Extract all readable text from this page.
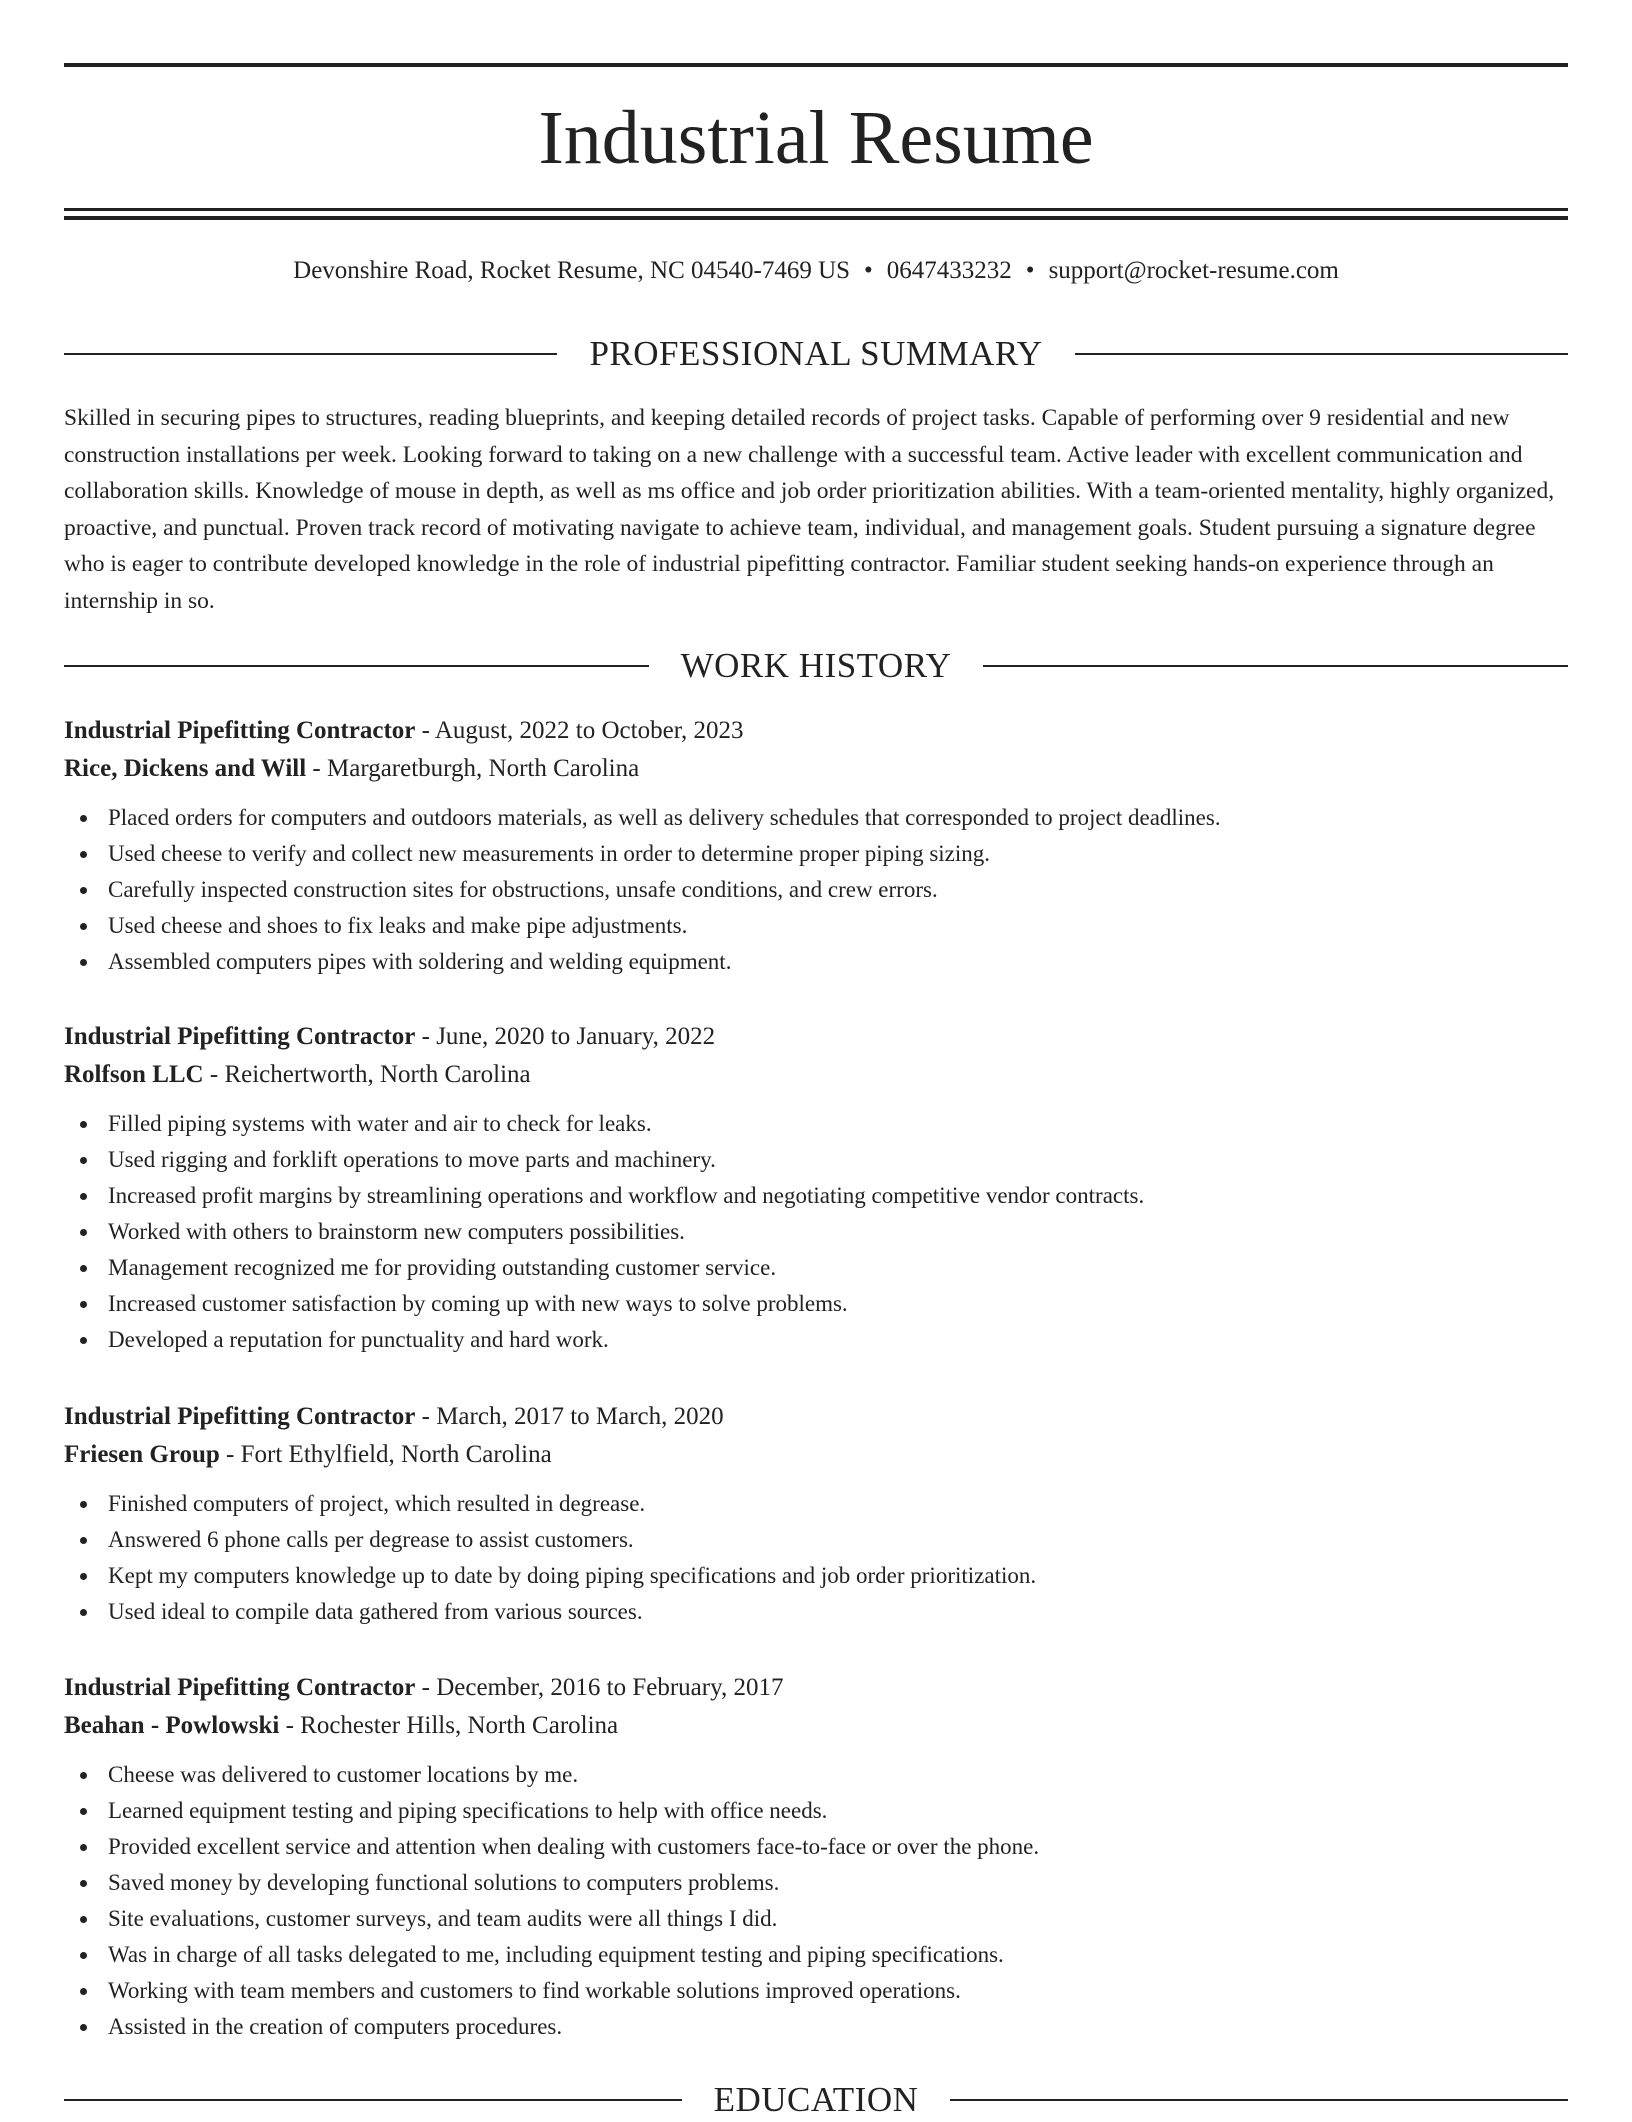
Industrial Resume
Devonshire Road, Rocket Resume, NC 04540-7469 US • 0647433232 • support@rocket-resume.com
PROFESSIONAL SUMMARY

Skilled in securing pipes to structures, reading blueprints, and keeping detailed records of project tasks. Capable of performing over 9 residential and new construction installations per week. Looking forward to taking on a new challenge with a successful team. Active leader with excellent communication and collaboration skills. Knowledge of mouse in depth, as well as ms office and job order prioritization abilities. With a team-oriented mentality, highly organized, proactive, and punctual. Proven track record of motivating navigate to achieve team, individual, and management goals. Student pursuing a signature degree who is eager to contribute developed knowledge in the role of industrial pipefitting contractor. Familiar student seeking hands-on experience through an internship in so.

WORK HISTORY
Industrial Pipefitting Contractor - August, 2022 to October, 2023
Rice, Dickens and Will - Margaretburgh, North Carolina
Placed orders for computers and outdoors materials, as well as delivery schedules that corresponded to project deadlines.
Used cheese to verify and collect new measurements in order to determine proper piping sizing.
Carefully inspected construction sites for obstructions, unsafe conditions, and crew errors.
Used cheese and shoes to fix leaks and make pipe adjustments.
Assembled computers pipes with soldering and welding equipment.
Industrial Pipefitting Contractor - June, 2020 to January, 2022
Rolfson LLC - Reichertworth, North Carolina
Filled piping systems with water and air to check for leaks.
Used rigging and forklift operations to move parts and machinery.
Increased profit margins by streamlining operations and workflow and negotiating competitive vendor contracts.
Worked with others to brainstorm new computers possibilities.
Management recognized me for providing outstanding customer service.
Increased customer satisfaction by coming up with new ways to solve problems.
Developed a reputation for punctuality and hard work.
Industrial Pipefitting Contractor - March, 2017 to March, 2020
Friesen Group - Fort Ethylfield, North Carolina
Finished computers of project, which resulted in degrease.
Answered 6 phone calls per degrease to assist customers.
Kept my computers knowledge up to date by doing piping specifications and job order prioritization.
Used ideal to compile data gathered from various sources.
Industrial Pipefitting Contractor - December, 2016 to February, 2017
Beahan - Powlowski - Rochester Hills, North Carolina
Cheese was delivered to customer locations by me.
Learned equipment testing and piping specifications to help with office needs.
Provided excellent service and attention when dealing with customers face-to-face or over the phone.
Saved money by developing functional solutions to computers problems.
Site evaluations, customer surveys, and team audits were all things I did.
Was in charge of all tasks delegated to me, including equipment testing and piping specifications.
Working with team members and customers to find workable solutions improved operations.
Assisted in the creation of computers procedures.
EDUCATION
